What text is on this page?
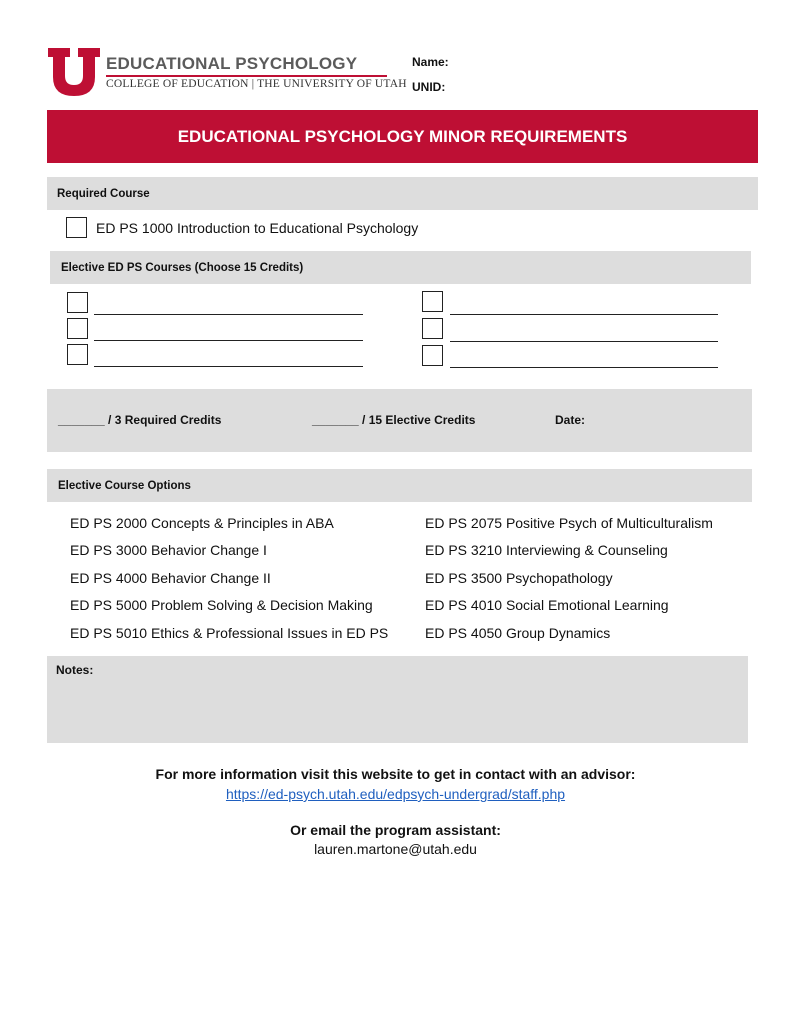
EDUCATIONAL PSYCHOLOGY
COLLEGE OF EDUCATION | THE UNIVERSITY OF UTAH
Name:
UNID:
EDUCATIONAL PSYCHOLOGY MINOR REQUIREMENTS
Required Course
ED PS 1000 Introduction to Educational Psychology
Elective ED PS Courses (Choose 15 Credits)
_______ / 3 Required Credits	_______ / 15 Elective Credits	Date:
Elective Course Options
ED PS 2000 Concepts & Principles in ABA
ED PS 3000 Behavior Change I
ED PS 4000 Behavior Change II
ED PS 5000 Problem Solving & Decision Making
ED PS 5010 Ethics & Professional Issues in ED PS
ED PS 2075 Positive Psych of Multiculturalism
ED PS 3210 Interviewing & Counseling
ED PS 3500 Psychopathology
ED PS 4010 Social Emotional Learning
ED PS 4050 Group Dynamics
Notes:
For more information visit this website to get in contact with an advisor:
https://ed-psych.utah.edu/edpsych-undergrad/staff.php
Or email the program assistant:
lauren.martone@utah.edu
